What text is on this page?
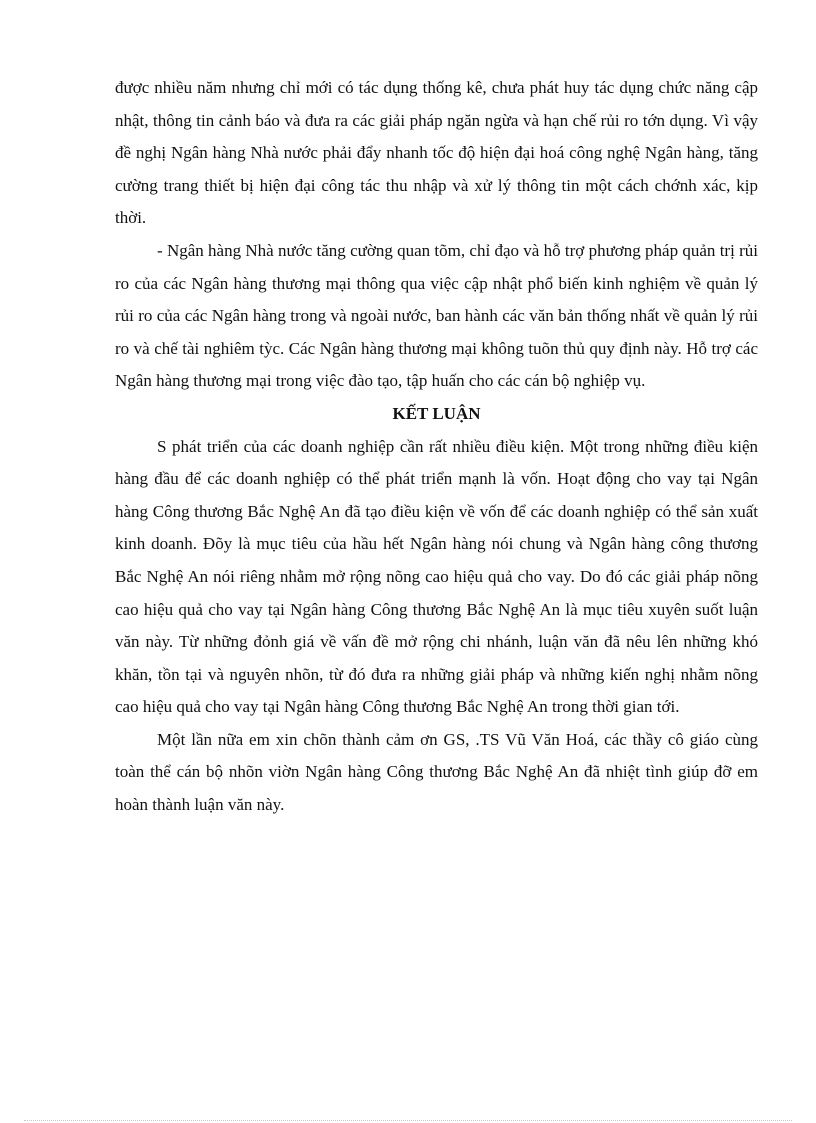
được nhiều năm nhưng chỉ mới có tác dụng thống kê, chưa phát huy tác dụng chức năng cập nhật, thông tin cảnh báo và đưa ra các giải pháp ngăn ngừa và hạn chế rủi ro tớn dụng. Vì vậy đề nghị Ngân hàng Nhà nước phải đẩy nhanh tốc độ hiện đại hoá công nghệ Ngân hàng, tăng cường trang thiết bị hiện đại công tác thu nhập và xử lý thông tin một cách chớnh xác, kịp thời.

- Ngân hàng Nhà nước tăng cường quan tõm, chỉ đạo và hỗ trợ phương pháp quản trị rủi ro của các Ngân hàng thương mại thông qua việc cập nhật phổ biến kinh nghiệm về quản lý rủi ro của các Ngân hàng trong và ngoài nước, ban hành các văn bản thống nhất về quản lý rủi ro và chế tài nghiêm tỳc. Các Ngân hàng thương mại không tuõn thủ quy định này. Hỗ trợ các Ngân hàng thương mại trong việc đào tạo, tập huấn cho các cán bộ nghiệp vụ.

KẾT LUẬN

S phát triển của các doanh nghiệp cần rất nhiều điều kiện. Một trong những điều kiện hàng đầu để các doanh nghiệp có thể phát triển mạnh là vốn. Hoạt động cho vay tại Ngân hàng Công thương Bắc Nghệ An đã tạo điều kiện về vốn để các doanh nghiệp có thể sản xuất kinh doanh. Đõy là mục tiêu của hầu hết Ngân hàng nói chung và Ngân hàng công thương Bắc Nghệ An nói riêng nhằm mở rộng nõng cao hiệu quả cho vay. Do đó các giải pháp nõng cao hiệu quả cho vay tại Ngân hàng Công thương Bắc Nghệ An là mục tiêu xuyên suốt luận văn này. Từ những đỏnh giá về vấn đề mở rộng chi nhánh, luận văn đã nêu lên những khó khăn, tồn tại và nguyên nhõn, từ đó đưa ra những giải pháp và những kiến nghị nhằm nõng cao hiệu quả cho vay tại Ngân hàng Công thương Bắc Nghệ An trong thời gian tới.

Một lần nữa em xin chõn thành cảm ơn GS, .TS Vũ Văn Hoá, các thầy cô giáo cùng toàn thể cán bộ nhõn viờn Ngân hàng Công thương Bắc Nghệ An đã nhiệt tình giúp đỡ em hoàn thành luận văn này.
